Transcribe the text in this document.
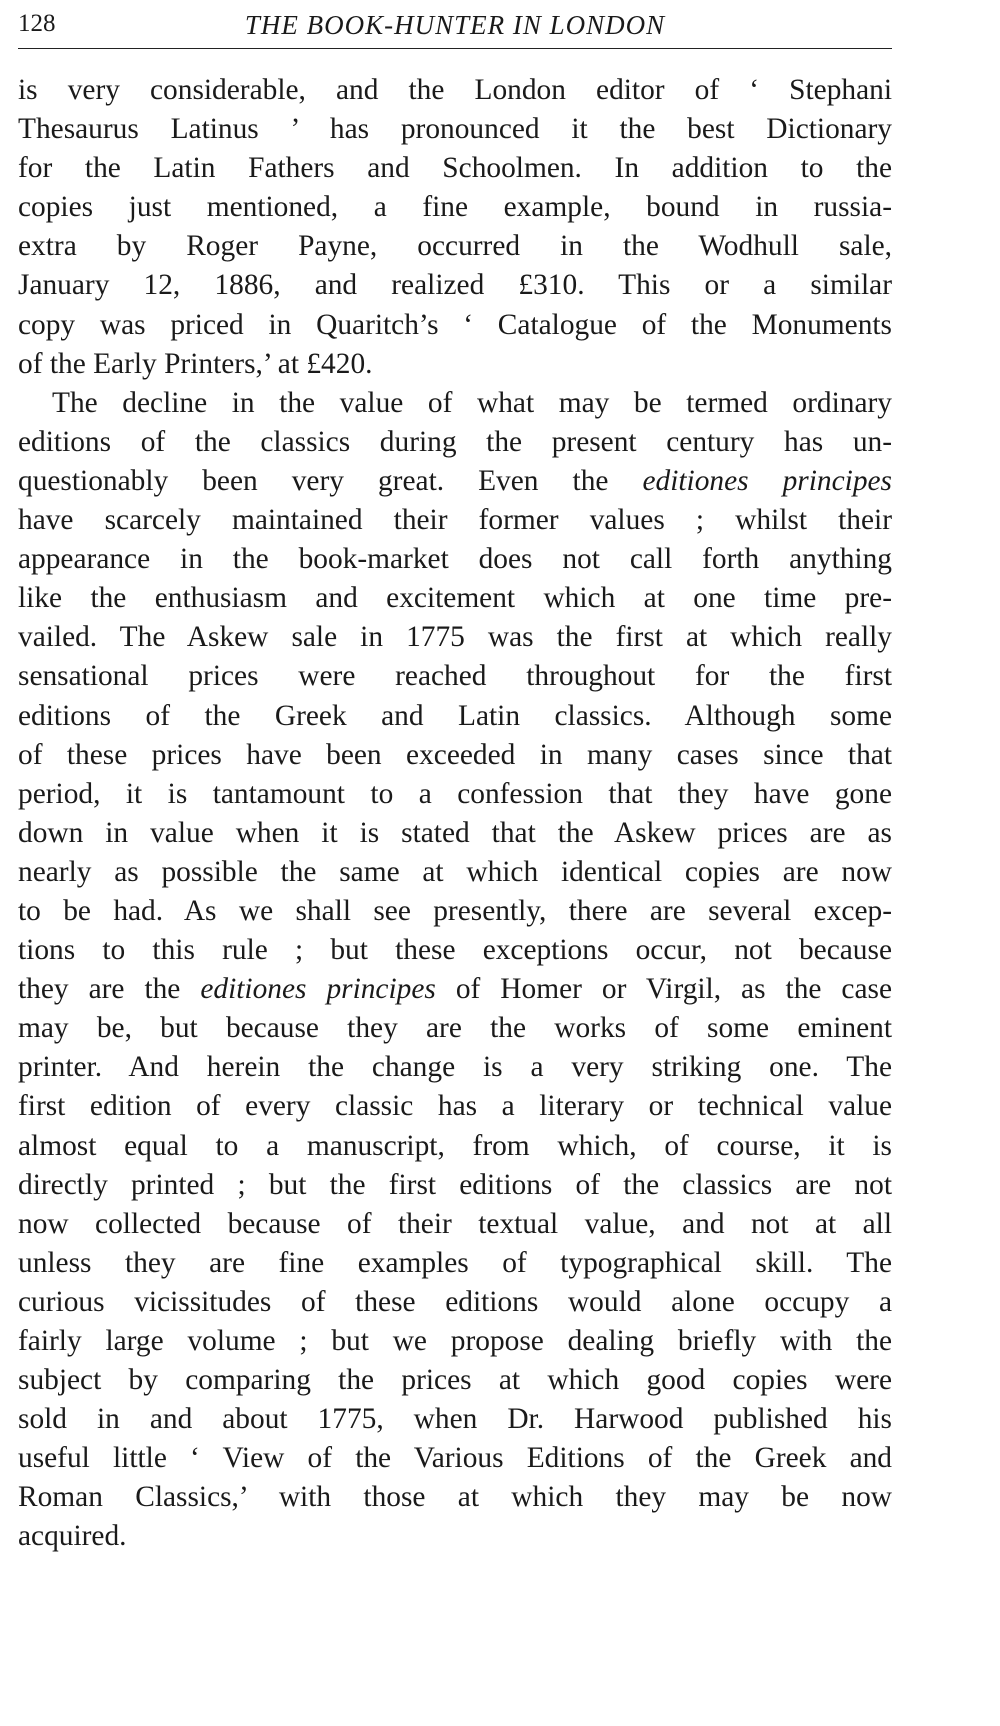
128	THE BOOK-HUNTER IN LONDON
is very considerable, and the London editor of ‘ Stephani
Thesaurus Latinus ’ has pronounced it the best Dictionary
for the Latin Fathers and Schoolmen. In addition to the
copies just mentioned, a fine example, bound in russia-
extra by Roger Payne, occurred in the Wodhull sale,
January 12, 1886, and realized £310. This or a similar
copy was priced in Quaritch’s ‘ Catalogue of the Monuments
of the Early Printers,’ at £420.
The decline in the value of what may be termed ordinary
editions of the classics during the present century has un-
questionably been very great. Even the editiones principes
have scarcely maintained their former values ; whilst their
appearance in the book-market does not call forth anything
like the enthusiasm and excitement which at one time pre-
vailed. The Askew sale in 1775 was the first at which really
sensational prices were reached throughout for the first
editions of the Greek and Latin classics. Although some
of these prices have been exceeded in many cases since that
period, it is tantamount to a confession that they have gone
down in value when it is stated that the Askew prices are as
nearly as possible the same at which identical copies are now
to be had. As we shall see presently, there are several excep-
tions to this rule ; but these exceptions occur, not because
they are the editiones principes of Homer or Virgil, as the case
may be, but because they are the works of some eminent
printer. And herein the change is a very striking one. The
first edition of every classic has a literary or technical value
almost equal to a manuscript, from which, of course, it is
directly printed ; but the first editions of the classics are not
now collected because of their textual value, and not at all
unless they are fine examples of typographical skill. The
curious vicissitudes of these editions would alone occupy a
fairly large volume ; but we propose dealing briefly with the
subject by comparing the prices at which good copies were
sold in and about 1775, when Dr. Harwood published his
useful little ‘ View of the Various Editions of the Greek and
Roman Classics,’ with those at which they may be now
acquired.
